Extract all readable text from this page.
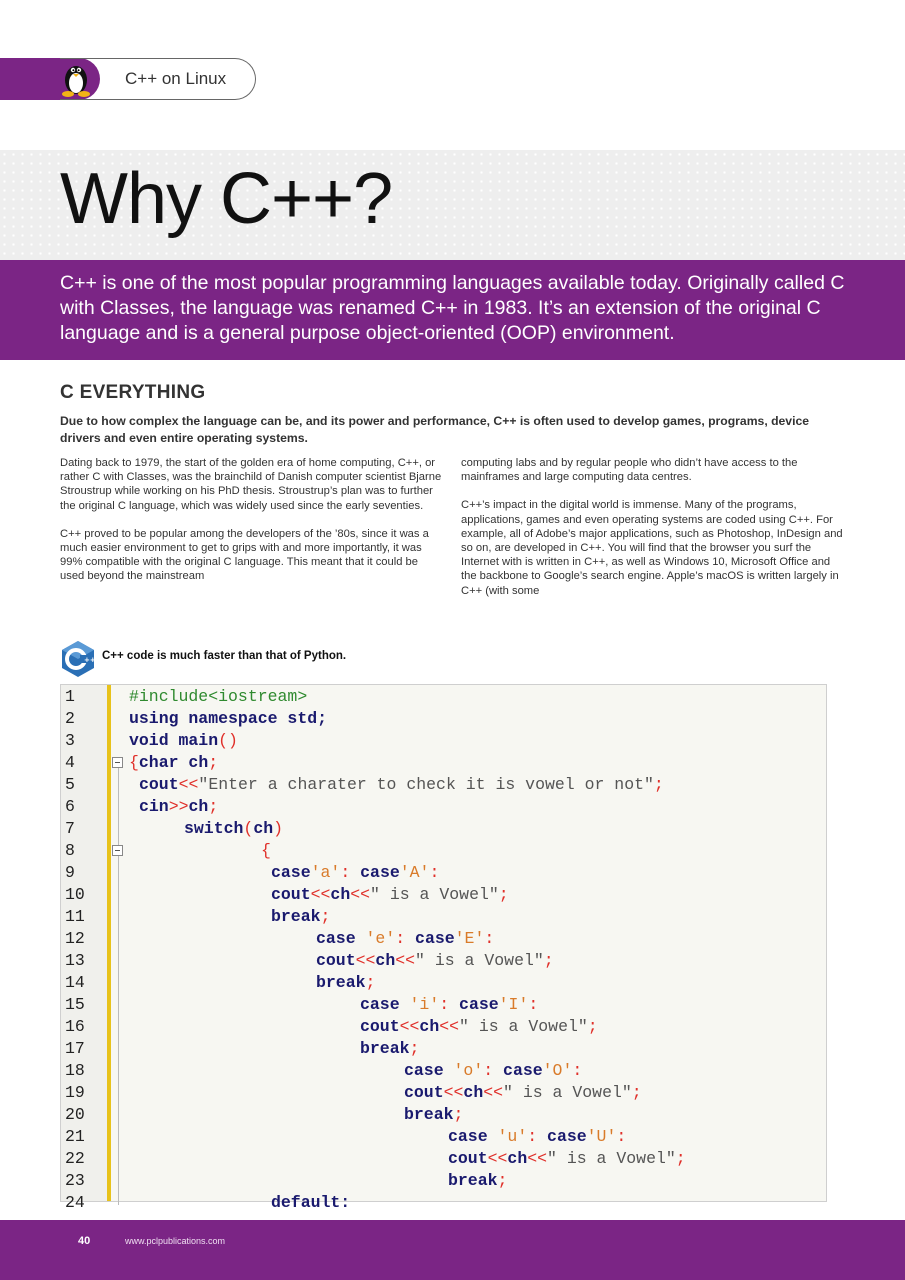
C++ on Linux
Why C++?

C++ is one of the most popular programming languages available today. Originally called C with Classes, the language was renamed C++ in 1983. It’s an extension of the original C language and is a general purpose object-oriented (OOP) environment.

C EVERYTHING

Due to how complex the language can be, and its power and performance, C++ is often used to develop games, programs, device drivers and even entire operating systems.

Dating back to 1979, the start of the golden era of home computing, C++, or rather C with Classes, was the brainchild of Danish computer scientist Bjarne Stroustrup while working on his PhD thesis. Stroustrup’s plan was to further the original C language, which was widely used since the early seventies.

C++ proved to be popular among the developers of the ’80s, since it was a much easier environment to get to grips with and more importantly, it was 99% compatible with the original C language. This meant that it could be used beyond the mainstream

computing labs and by regular people who didn’t have access to the mainframes and large computing data centres.

C++’s impact in the digital world is immense. Many of the programs, applications, games and even operating systems are coded using C++. For example, all of Adobe’s major applications, such as Photoshop, InDesign and so on, are developed in C++. You will find that the browser you surf the Internet with is written in C++, as well as Windows 10, Microsoft Office and the backbone to Google’s search engine. Apple’s macOS is written largely in C++ (with some

++ C++ code is much faster than that of Python.
1
2
3
4
5
6
7
8
9
10
11
12
13
14
15
16
17
18
19
20
21
22
23
24
#include<iostream>
using namespace std;
void main()
{char ch;
cout<<"Enter a charater to check it is vowel or not";
cin>>ch;
switch(ch)
{
case'a': case'A':
cout<<ch<<" is a Vowel";
break;
case 'e': case'E':
cout<<ch<<" is a Vowel";
break;
case 'i': case'I':
cout<<ch<<" is a Vowel";
break;
case 'o': case'O':
cout<<ch<<" is a Vowel";
break;
case 'u': case'U':
cout<<ch<<" is a Vowel";
break;
default:
40	www.pclpublications.com
